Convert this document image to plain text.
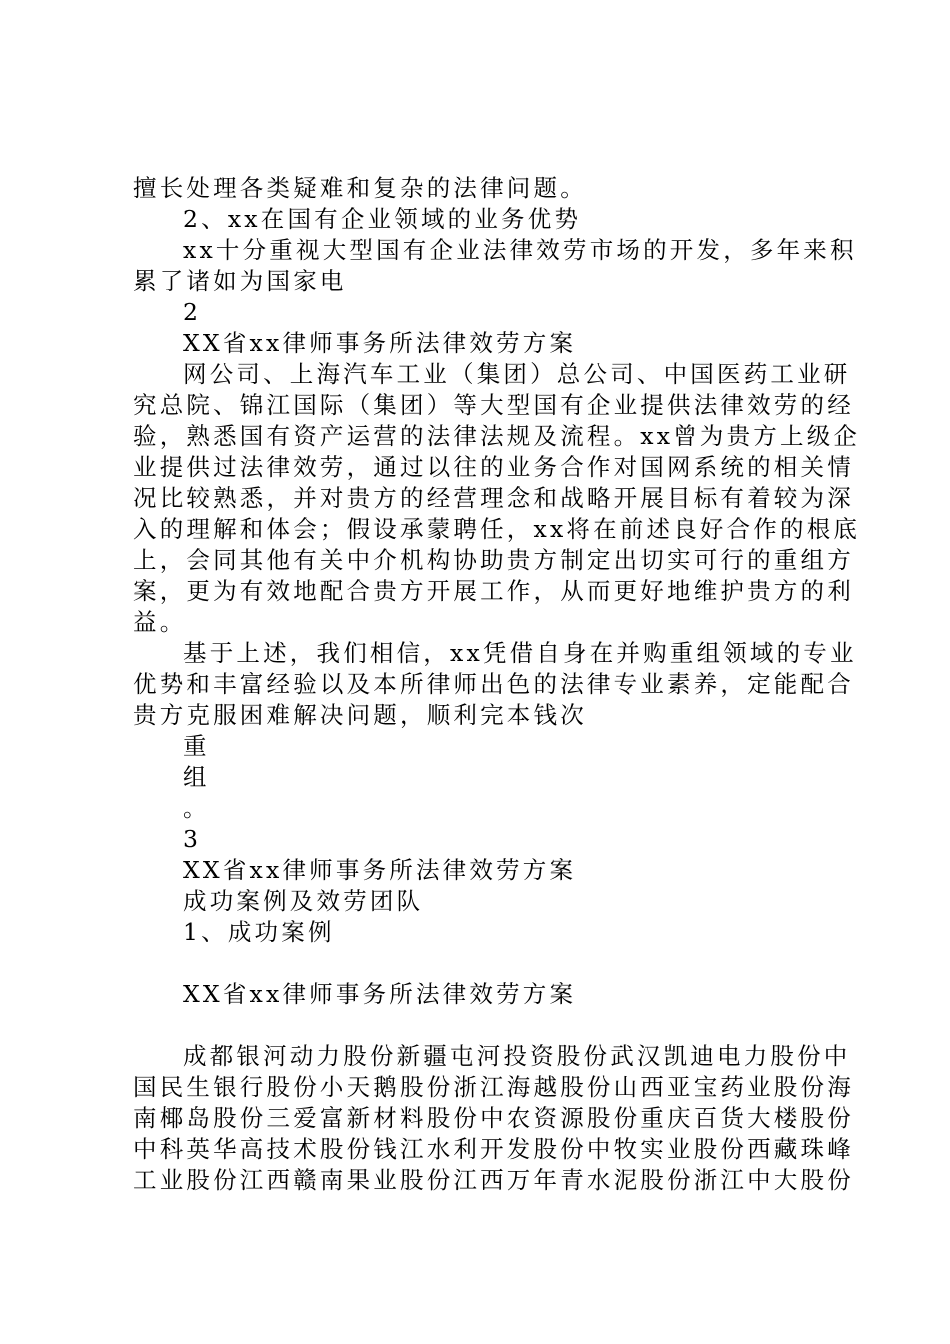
擅长处理各类疑难和复杂的法律问题。
2、xx在国有企业领域的业务优势
xx十分重视大型国有企业法律效劳市场的开发，多年来积
累了诸如为国家电
2
XX省xx律师事务所法律效劳方案
网公司、上海汽车工业（集团）总公司、中国医药工业研
究总院、锦江国际（集团）等大型国有企业提供法律效劳的经
验，熟悉国有资产运营的法律法规及流程。xx曾为贵方上级企
业提供过法律效劳，通过以往的业务合作对国网系统的相关情
况比较熟悉，并对贵方的经营理念和战略开展目标有着较为深
入的理解和体会；假设承蒙聘任，xx将在前述良好合作的根底
上，会同其他有关中介机构协助贵方制定出切实可行的重组方
案，更为有效地配合贵方开展工作，从而更好地维护贵方的利
益。
基于上述，我们相信，xx凭借自身在并购重组领域的专业
优势和丰富经验以及本所律师出色的法律专业素养，定能配合
贵方克服困难解决问题，顺利完本钱次
重
组
。
3
XX省xx律师事务所法律效劳方案
成功案例及效劳团队
1、成功案例
XX省xx律师事务所法律效劳方案
成都银河动力股份新疆屯河投资股份武汉凯迪电力股份中
国民生银行股份小天鹅股份浙江海越股份山西亚宝药业股份海
南椰岛股份三爱富新材料股份中农资源股份重庆百货大楼股份
中科英华高技术股份钱江水利开发股份中牧实业股份西藏珠峰
工业股份江西赣南果业股份江西万年青水泥股份浙江中大股份
